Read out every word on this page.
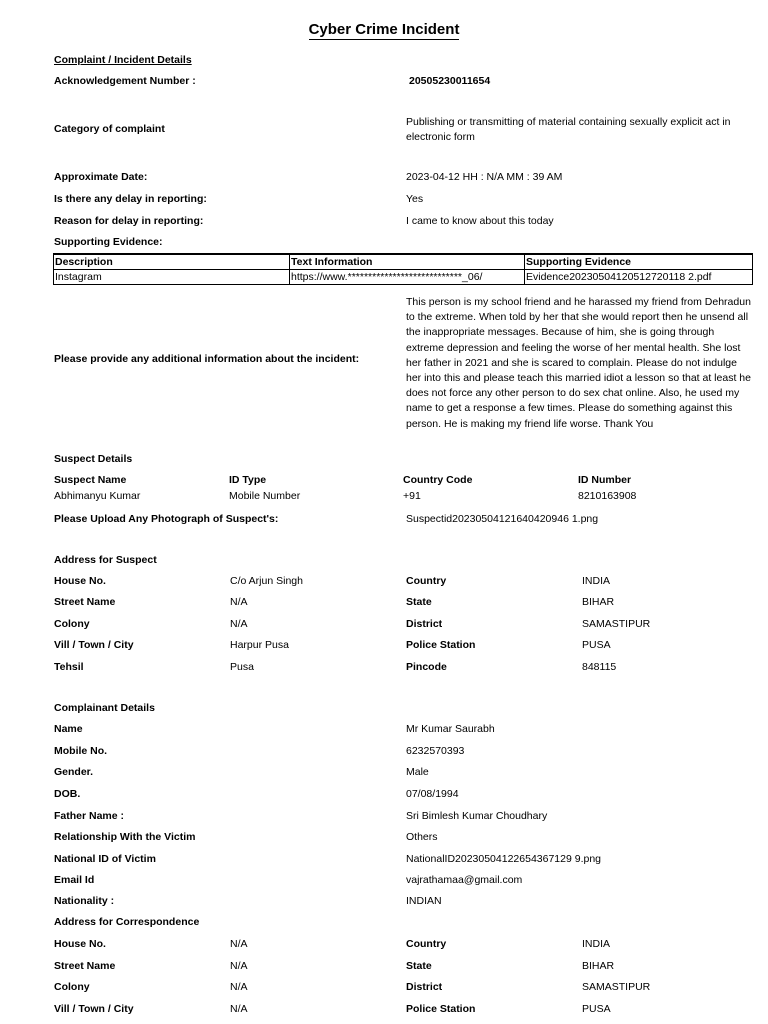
Cyber Crime Incident
Complaint / Incident Details
Acknowledgement Number :	20505230011654
Category of complaint
Publishing or transmitting of material containing sexually explicit act in electronic form
Approximate Date:	2023-04-12 HH : N/A MM : 39 AM
Is there any delay in reporting:	Yes
Reason for delay in reporting:	I came to know about this today
Supporting Evidence:
Description	Text Information	Supporting Evidence
Instagram	https://www.****************************_06/	Evidence20230504120512720118 2.pdf
Please provide any additional information about the incident:
This person is my school friend and he harassed my friend from Dehradun to the extreme. When told by her that she would report then he unsend all the inappropriate messages. Because of him, she is going through extreme depression and feeling the worse of her mental health. She lost her father in 2021 and she is scared to complain. Please do not indulge her into this and please teach this married idiot a lesson so that at least he does not force any other person to do sex chat online. Also, he used my name to get a response a few times. Please do something against this person. He is making my friend life worse. Thank You
Suspect Details
Suspect Name	ID Type	Country Code	ID Number
Abhimanyu Kumar	Mobile Number	+91	8210163908
Please Upload Any Photograph of Suspect's:	Suspectid20230504121640420946 1.png
Address for Suspect
House No.	C/o Arjun Singh	Country	INDIA
Street Name	N/A	State	BIHAR
Colony	N/A	District	SAMASTIPUR
Vill / Town / City	Harpur Pusa	Police Station	PUSA
Tehsil	Pusa	Pincode	848115
Complainant Details
Name	Mr Kumar Saurabh
Mobile No.	6232570393
Gender.	Male
DOB.	07/08/1994
Father Name :	Sri Bimlesh Kumar Choudhary
Relationship With the Victim	Others
National ID of Victim	NationalID20230504122654367129 9.png
Email Id	vajrathamaa@gmail.com
Nationality :	INDIAN
Address for Correspondence
House No.	N/A	Country	INDIA
Street Name	N/A	State	BIHAR
Colony	N/A	District	SAMASTIPUR
Vill / Town / City	N/A	Police Station	PUSA
